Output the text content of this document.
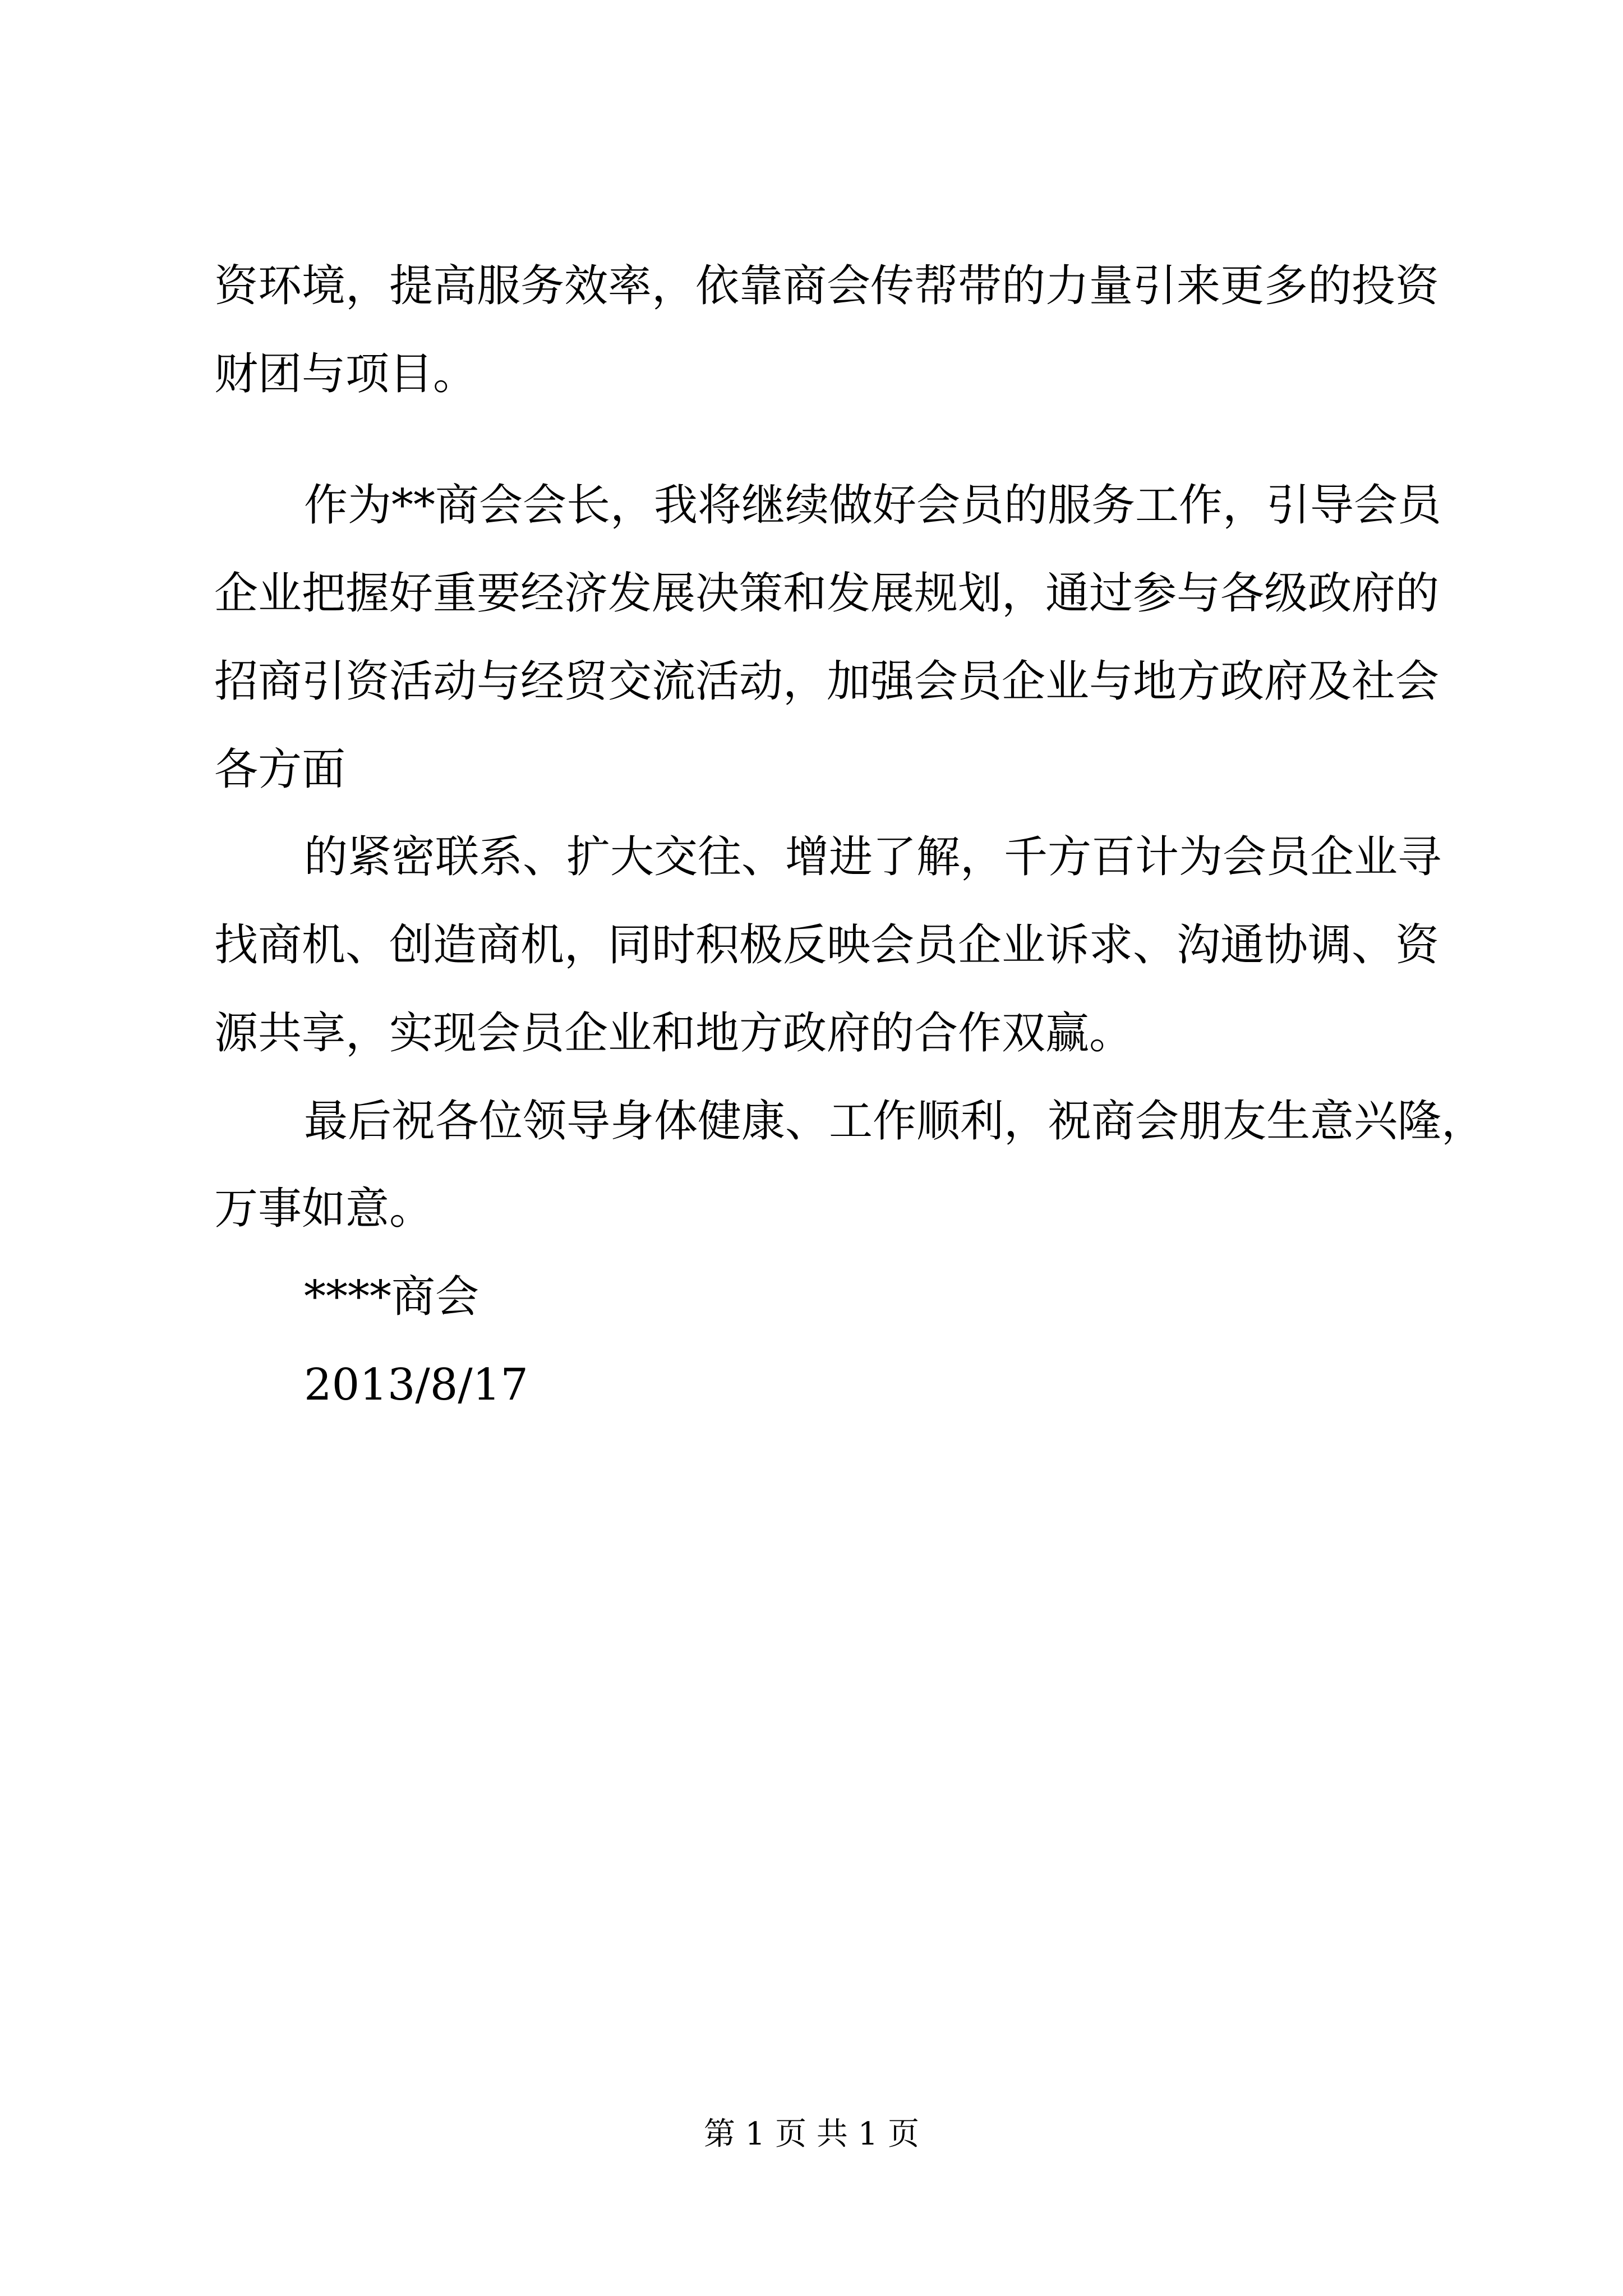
资环境，提高服务效率，依靠商会传帮带的力量引来更多的投资
财团与项目。
作为**商会会长，我将继续做好会员的服务工作，引导会员
企业把握好重要经济发展决策和发展规划，通过参与各级政府的
招商引资活动与经贸交流活动，加强会员企业与地方政府及社会
各方面
的紧密联系、扩大交往、增进了解，千方百计为会员企业寻
找商机、创造商机，同时积极反映会员企业诉求、沟通协调、资
源共享，实现会员企业和地方政府的合作双赢。
最后祝各位领导身体健康、工作顺利，祝商会朋友生意兴隆，
万事如意。
****商会
2013/8/17
第 1 页 共 1 页
